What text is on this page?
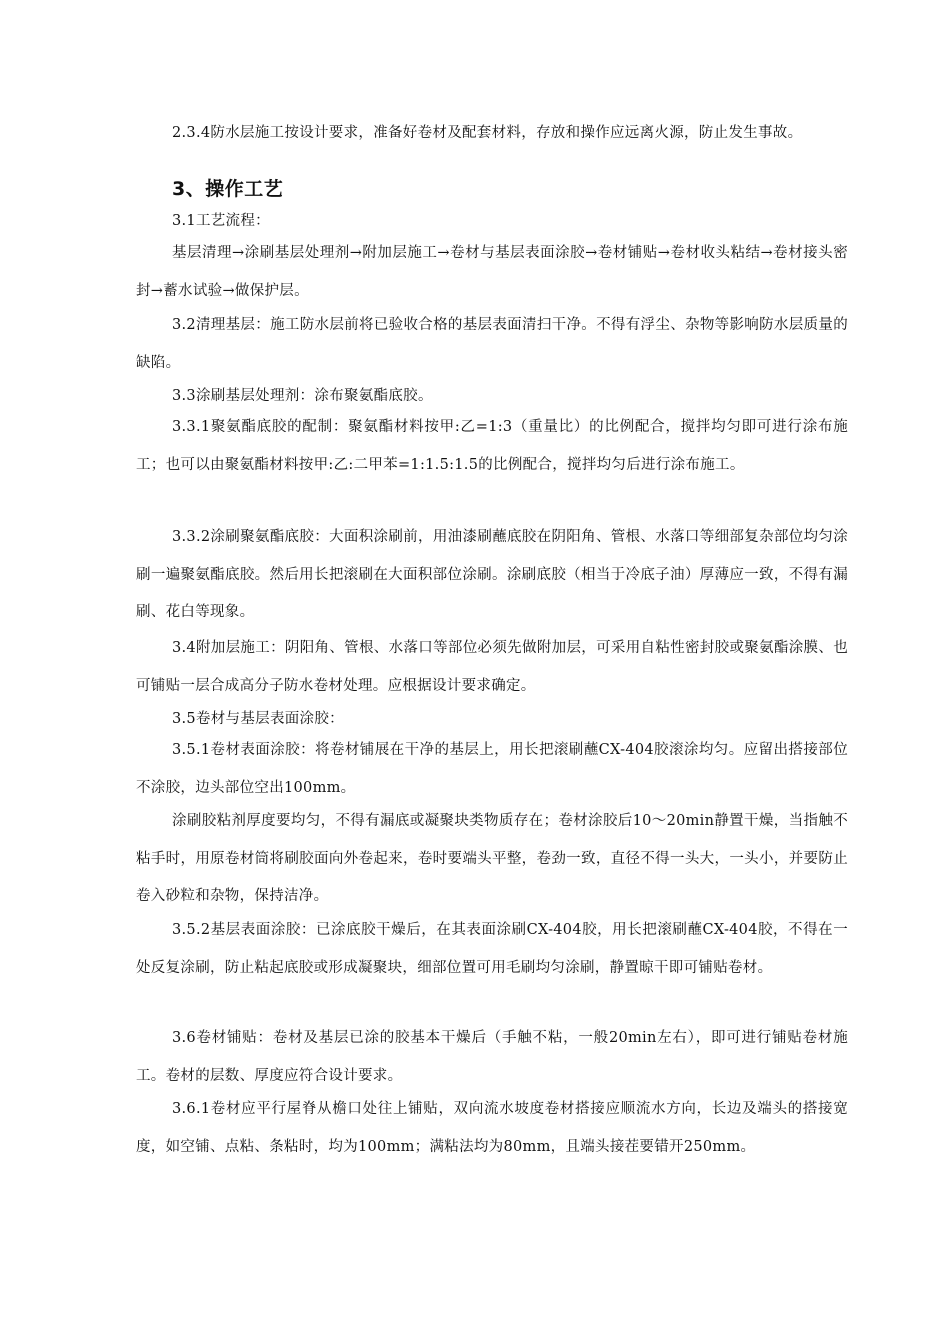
2.3.4防水层施工按设计要求，准备好卷材及配套材料，存放和操作应远离火源，防止发生事故。

3、操作工艺

3.1工艺流程：

基层清理→涂刷基层处理剂→附加层施工→卷材与基层表面涂胶→卷材铺贴→卷材收头粘结→卷材接头密封→蓄水试验→做保护层。

3.2清理基层：施工防水层前将已验收合格的基层表面清扫干净。不得有浮尘、杂物等影响防水层质量的缺陷。

3.3涂刷基层处理剂：涂布聚氨酯底胶。

3.3.1聚氨酯底胶的配制：聚氨酯材料按甲:乙=1:3（重量比）的比例配合，搅拌均匀即可进行涂布施工；也可以由聚氨酯材料按甲:乙:二甲苯=1:1.5:1.5的比例配合，搅拌均匀后进行涂布施工。

3.3.2涂刷聚氨酯底胶：大面积涂刷前，用油漆刷蘸底胶在阴阳角、管根、水落口等细部复杂部位均匀涂刷一遍聚氨酯底胶。然后用长把滚刷在大面积部位涂刷。涂刷底胶（相当于冷底子油）厚薄应一致，不得有漏刷、花白等现象。

3.4附加层施工：阴阳角、管根、水落口等部位必须先做附加层，可采用自粘性密封胶或聚氨酯涂膜、也可铺贴一层合成高分子防水卷材处理。应根据设计要求确定。

3.5卷材与基层表面涂胶：

3.5.1卷材表面涂胶：将卷材铺展在干净的基层上，用长把滚刷蘸CX-404胶滚涂均匀。应留出搭接部位不涂胶，边头部位空出100mm。

涂刷胶粘剂厚度要均匀，不得有漏底或凝聚块类物质存在；卷材涂胶后10～20min静置干燥，当指触不粘手时，用原卷材筒将刷胶面向外卷起来，卷时要端头平整，卷劲一致，直径不得一头大，一头小，并要防止卷入砂粒和杂物，保持洁净。

3.5.2基层表面涂胶：已涂底胶干燥后，在其表面涂刷CX-404胶，用长把滚刷蘸CX-404胶，不得在一处反复涂刷，防止粘起底胶或形成凝聚块，细部位置可用毛刷均匀涂刷，静置晾干即可铺贴卷材。

3.6卷材铺贴：卷材及基层已涂的胶基本干燥后（手触不粘，一般20min左右），即可进行铺贴卷材施工。卷材的层数、厚度应符合设计要求。

3.6.1卷材应平行屋脊从檐口处往上铺贴，双向流水坡度卷材搭接应顺流水方向，长边及端头的搭接宽度，如空铺、点粘、条粘时，均为100mm；满粘法均为80mm，且端头接茬要错开250mm。
